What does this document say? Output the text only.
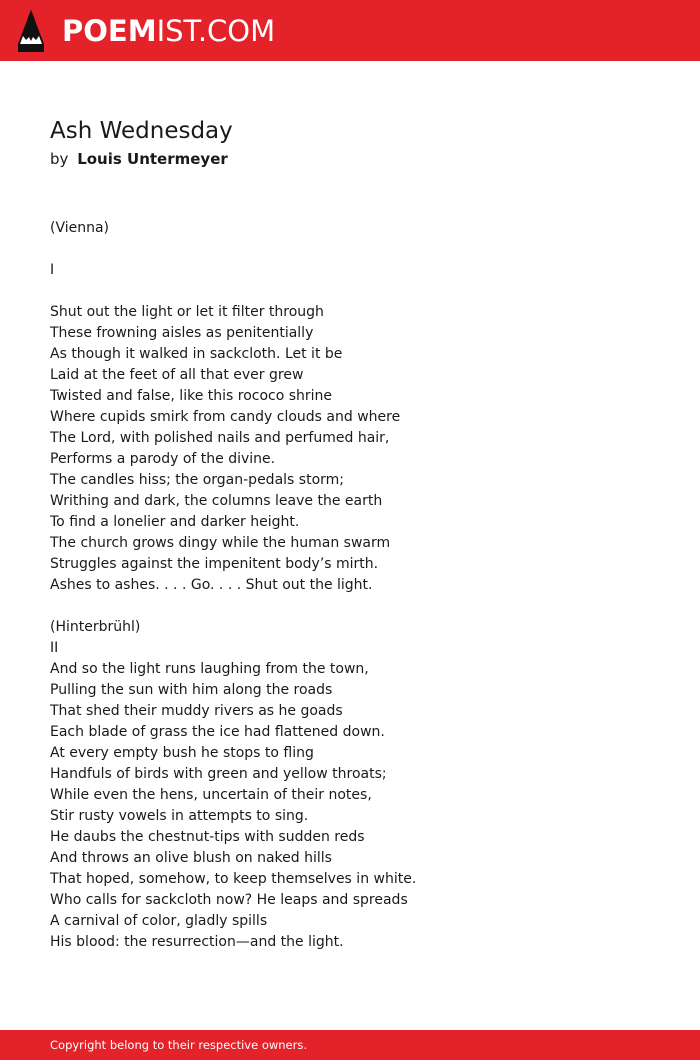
POEMIST.COM
Ash Wednesday
by Louis Untermeyer
(Vienna)
I
Shut out the light or let it filter through
These frowning aisles as penitentially
As though it walked in sackcloth. Let it be
Laid at the feet of all that ever grew
Twisted and false, like this rococo shrine
Where cupids smirk from candy clouds and where
The Lord, with polished nails and perfumed hair,
Performs a parody of the divine.
The candles hiss; the organ-pedals storm;
Writhing and dark, the columns leave the earth
To find a lonelier and darker height.
The church grows dingy while the human swarm
Struggles against the impenitent body’s mirth.
Ashes to ashes. . . . Go. . . . Shut out the light.
(Hinterbrühl)
II
And so the light runs laughing from the town,
Pulling the sun with him along the roads
That shed their muddy rivers as he goads
Each blade of grass the ice had flattened down.
At every empty bush he stops to fling
Handfuls of birds with green and yellow throats;
While even the hens, uncertain of their notes,
Stir rusty vowels in attempts to sing.
He daubs the chestnut-tips with sudden reds
And throws an olive blush on naked hills
That hoped, somehow, to keep themselves in white.
Who calls for sackcloth now? He leaps and spreads
A carnival of color, gladly spills
His blood: the resurrection—and the light.
Copyright belong to their respective owners.
